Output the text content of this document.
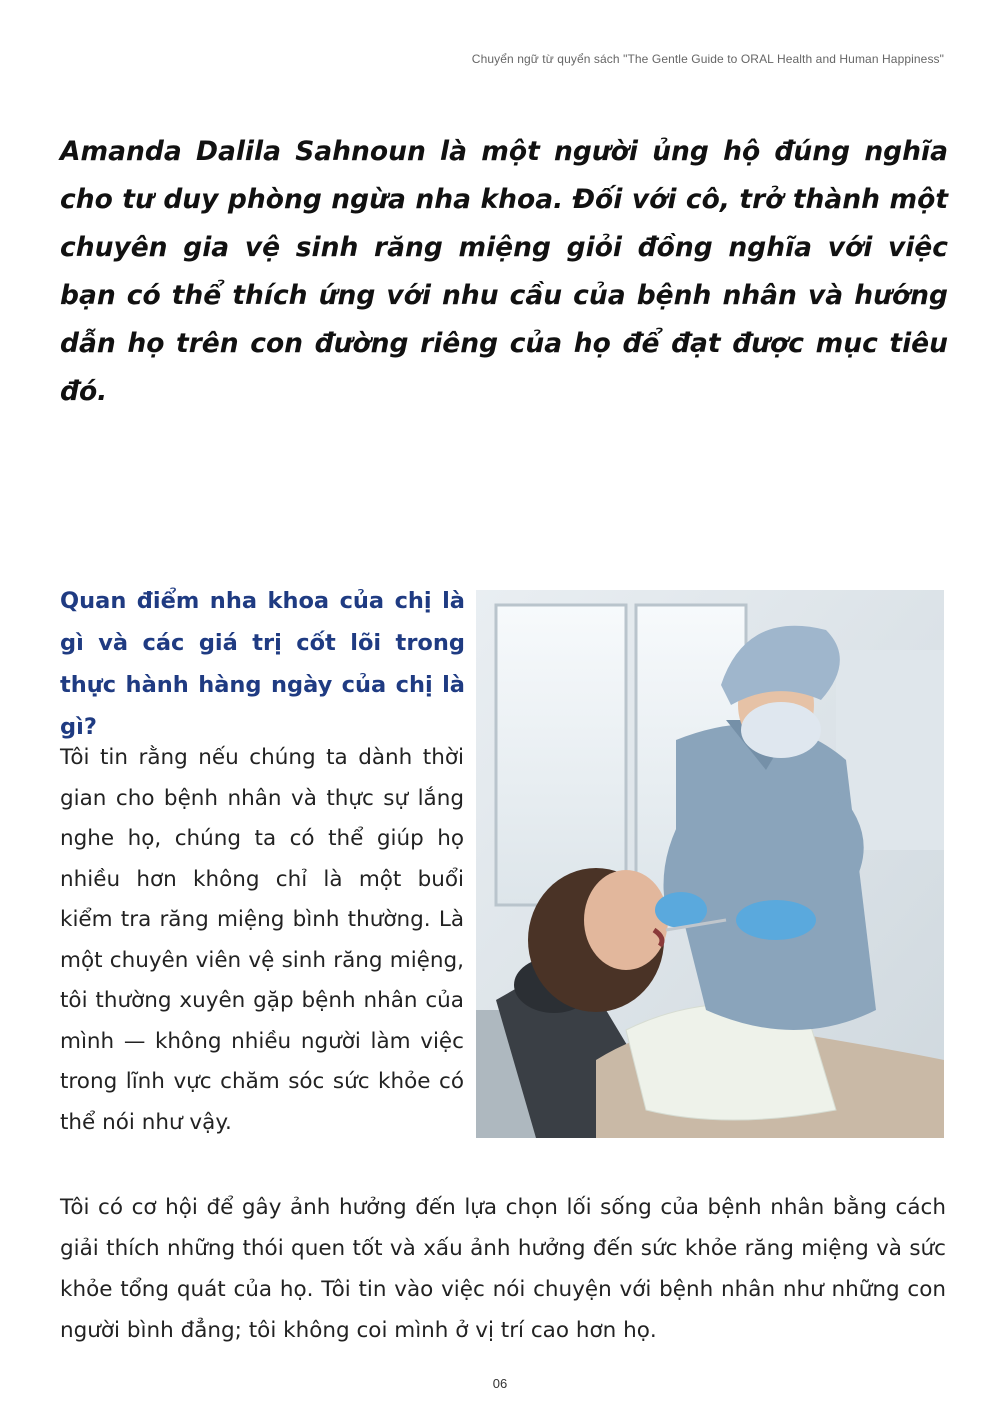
Chuyển ngữ từ quyển sách "The Gentle Guide to ORAL Health and Human Happiness"

Amanda Dalila Sahnoun là một người ủng hộ đúng nghĩa cho tư duy phòng ngừa nha khoa. Đối với cô, trở thành một chuyên gia vệ sinh răng miệng giỏi đồng nghĩa với việc bạn có thể thích ứng với nhu cầu của bệnh nhân và hướng dẫn họ trên con đường riêng của họ để đạt được mục tiêu đó.

Quan điểm nha khoa của chị là gì và các giá trị cốt lõi trong thực hành hàng ngày của chị là gì?

Tôi tin rằng nếu chúng ta dành thời gian cho bệnh nhân và thực sự lắng nghe họ, chúng ta có thể giúp họ nhiều hơn không chỉ là một buổi kiểm tra răng miệng bình thường. Là một chuyên viên vệ sinh răng miệng, tôi thường xuyên gặp bệnh nhân của mình — không nhiều người làm việc trong lĩnh vực chăm sóc sức khỏe có thể nói như vậy.

Tôi có cơ hội để gây ảnh hưởng đến lựa chọn lối sống của bệnh nhân bằng cách giải thích những thói quen tốt và xấu ảnh hưởng đến sức khỏe răng miệng và sức khỏe tổng quát của họ. Tôi tin vào việc nói chuyện với bệnh nhân như những con người bình đẳng; tôi không coi mình ở vị trí cao hơn họ.

06
